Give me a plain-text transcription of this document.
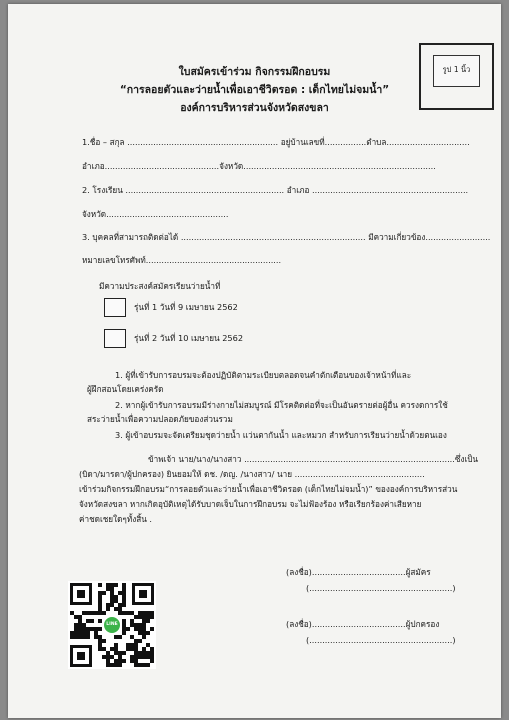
ใบสมัครเข้าร่วม กิจกรรมฝึกอบรม
“การลอยตัวและว่ายน้ำเพื่อเอาชีวิตรอด : เด็กไทยไม่จมน้ำ”
องค์การบริหารส่วนจังหวัดสงขลา
รูป 1 นิ้ว
1.ชื่อ – สกุล .......................................................... อยู่บ้านเลขที่................ตำบล................................
อำเภอ............................................จังหวัด..........................................................................
2. โรงเรียน ............................................................. อำเภอ ............................................................
จังหวัด...............................................
3. บุคคลที่สามารถติดต่อได้ ....................................................................... มีความเกี่ยวข้อง.........................
หมายเลขโทรศัพท์....................................................
มีความประสงค์สมัครเรียนว่ายน้ำที่
รุ่นที่ 1 วันที่ 9 เมษายน 2562
รุ่นที่ 2 วันที่ 10 เมษายน 2562
1. ผู้ที่เข้ารับการอบรมจะต้องปฏิบัติตามระเบียบตลอดจนคำตักเตือนของเจ้าหน้าที่และ
ผู้ฝึกสอนโดยเคร่งครัด
2. หากผู้เข้ารับการอบรมมีร่างกายไม่สมบูรณ์ มีโรคติดต่อที่จะเป็นอันตรายต่อผู้อื่น ควรงดการใช้
สระว่ายน้ำเพื่อความปลอดภัยของส่วนรวม
3. ผู้เข้าอบรมจะจัดเตรียมชุดว่ายน้ำ แว่นตากันน้ำ และหมวก สำหรับการเรียนว่ายน้ำด้วยตนเอง
ข้าพเจ้า นาย/นาง/นางสาว .................................................................................ซึ่งเป็น
(บิดา/มารดา/ผู้ปกครอง) ยินยอมให้ ดช. /ดญ. /นางสาว/ นาย ..................................................
เข้าร่วมกิจกรรมฝึกอบรม“การลอยตัวและว่ายน้ำเพื่อเอาชีวิตรอด (เด็กไทยไม่จมน้ำ)” ขององค์การบริหารส่วน
จังหวัดสงขลา หากเกิดอุบัติเหตุได้รับบาดเจ็บในการฝึกอบรม จะไม่ฟ้องร้อง หรือเรียกร้องค่าเสียหาย
ค่าชดเชยใดๆทั้งสิ้น .
(ลงชื่อ)....................................ผู้สมัคร
(.......................................................)
(ลงชื่อ)....................................ผู้ปกครอง
(.......................................................)
LINE
